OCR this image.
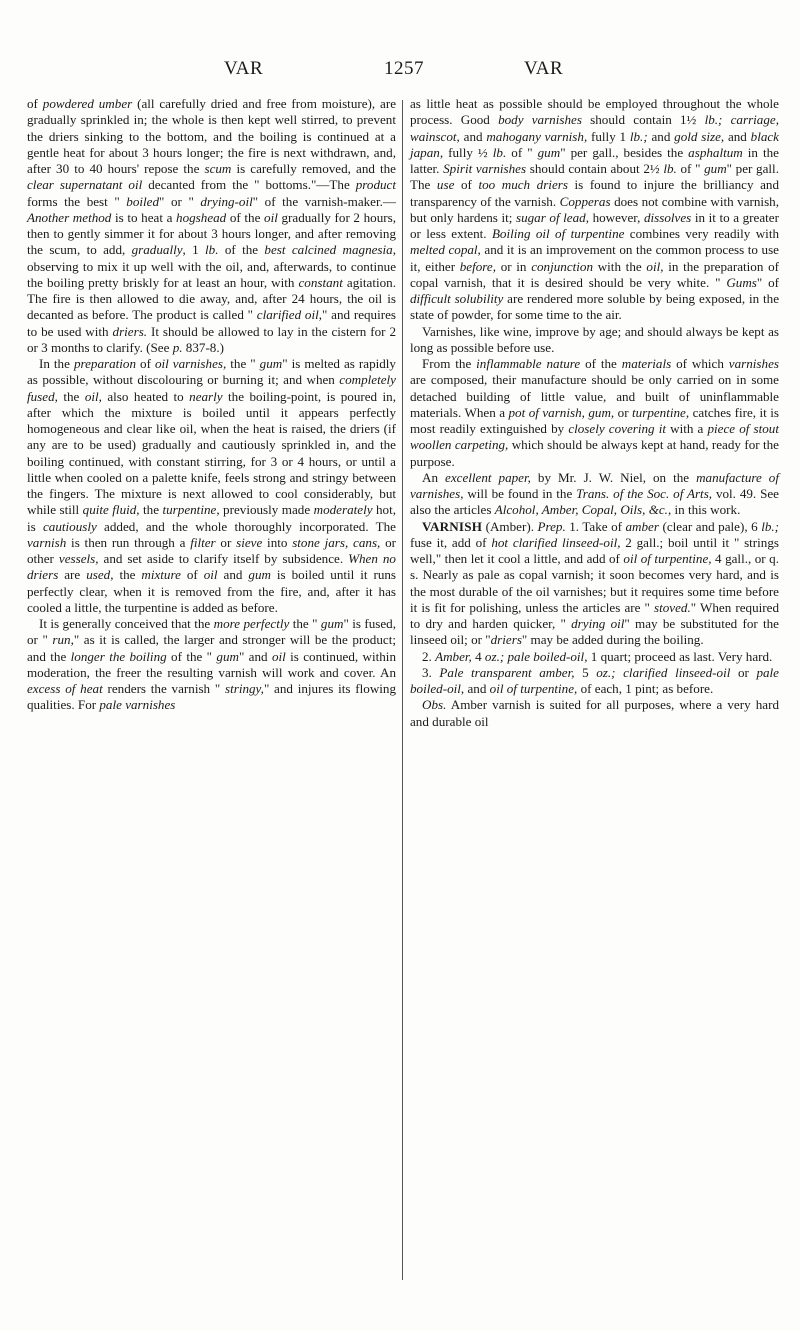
VAR	1257	VAR

of powdered umber (all carefully dried and free from moisture), are gradually sprinkled in; the whole is then kept well stirred, to prevent the driers sinking to the bottom, and the boiling is continued at a gentle heat for about 3 hours longer; the fire is next withdrawn, and, after 30 to 40 hours' repose the scum is carefully removed, and the clear supernatant oil decanted from the " bottoms."—The product forms the best " boiled" or " drying-oil" of the varnish-maker.—Another method is to heat a hogshead of the oil gradually for 2 hours, then to gently simmer it for about 3 hours longer, and after removing the scum, to add, gradually, 1 lb. of the best calcined magnesia, observing to mix it up well with the oil, and, afterwards, to continue the boiling pretty briskly for at least an hour, with constant agitation. The fire is then allowed to die away, and, after 24 hours, the oil is decanted as before. The product is called " clarified oil," and requires to be used with driers. It should be allowed to lay in the cistern for 2 or 3 months to clarify. (See p. 837-8.)

In the preparation of oil varnishes, the " gum" is melted as rapidly as possible, without discolouring or burning it; and when completely fused, the oil, also heated to nearly the boiling-point, is poured in, after which the mixture is boiled until it appears perfectly homogeneous and clear like oil, when the heat is raised, the driers (if any are to be used) gradually and cautiously sprinkled in, and the boiling continued, with constant stirring, for 3 or 4 hours, or until a little when cooled on a palette knife, feels strong and stringy between the fingers. The mixture is next allowed to cool considerably, but while still quite fluid, the turpentine, previously made moderately hot, is cautiously added, and the whole thoroughly incorporated. The varnish is then run through a filter or sieve into stone jars, cans, or other vessels, and set aside to clarify itself by subsidence. When no driers are used, the mixture of oil and gum is boiled until it runs perfectly clear, when it is removed from the fire, and, after it has cooled a little, the turpentine is added as before.

It is generally conceived that the more perfectly the " gum" is fused, or " run," as it is called, the larger and stronger will be the product; and the longer the boiling of the " gum" and oil is continued, within moderation, the freer the resulting varnish will work and cover. An excess of heat renders the varnish " stringy," and injures its flowing qualities. For pale varnishes

as little heat as possible should be employed throughout the whole process. Good body varnishes should contain 1½ lb.; carriage, wainscot, and mahogany varnish, fully 1 lb.; and gold size, and black japan, fully ½ lb. of " gum" per gall., besides the asphaltum in the latter. Spirit varnishes should contain about 2½ lb. of " gum" per gall. The use of too much driers is found to injure the brilliancy and transparency of the varnish. Copperas does not combine with varnish, but only hardens it; sugar of lead, however, dissolves in it to a greater or less extent. Boiling oil of turpentine combines very readily with melted copal, and it is an improvement on the common process to use it, either before, or in conjunction with the oil, in the preparation of copal varnish, that it is desired should be very white. " Gums" of difficult solubility are rendered more soluble by being exposed, in the state of powder, for some time to the air.

Varnishes, like wine, improve by age; and should always be kept as long as possible before use.

From the inflammable nature of the materials of which varnishes are composed, their manufacture should be only carried on in some detached building of little value, and built of uninflammable materials. When a pot of varnish, gum, or turpentine, catches fire, it is most readily extinguished by closely covering it with a piece of stout woollen carpeting, which should be always kept at hand, ready for the purpose.

An excellent paper, by Mr. J. W. Niel, on the manufacture of varnishes, will be found in the Trans. of the Soc. of Arts, vol. 49. See also the articles Alcohol, Amber, Copal, Oils, &c., in this work.

VARNISH (Amber). Prep. 1. Take of amber (clear and pale), 6 lb.; fuse it, add of hot clarified linseed-oil, 2 gall.; boil until it " strings well," then let it cool a little, and add of oil of turpentine, 4 gall., or q. s. Nearly as pale as copal varnish; it soon becomes very hard, and is the most durable of the oil varnishes; but it requires some time before it is fit for polishing, unless the articles are " stoved." When required to dry and harden quicker, " drying oil" may be substituted for the linseed oil; or "driers" may be added during the boiling.

2. Amber, 4 oz.; pale boiled-oil, 1 quart; proceed as last. Very hard.

3. Pale transparent amber, 5 oz.; clarified linseed-oil or pale boiled-oil, and oil of turpentine, of each, 1 pint; as before.

Obs. Amber varnish is suited for all purposes, where a very hard and durable oil
